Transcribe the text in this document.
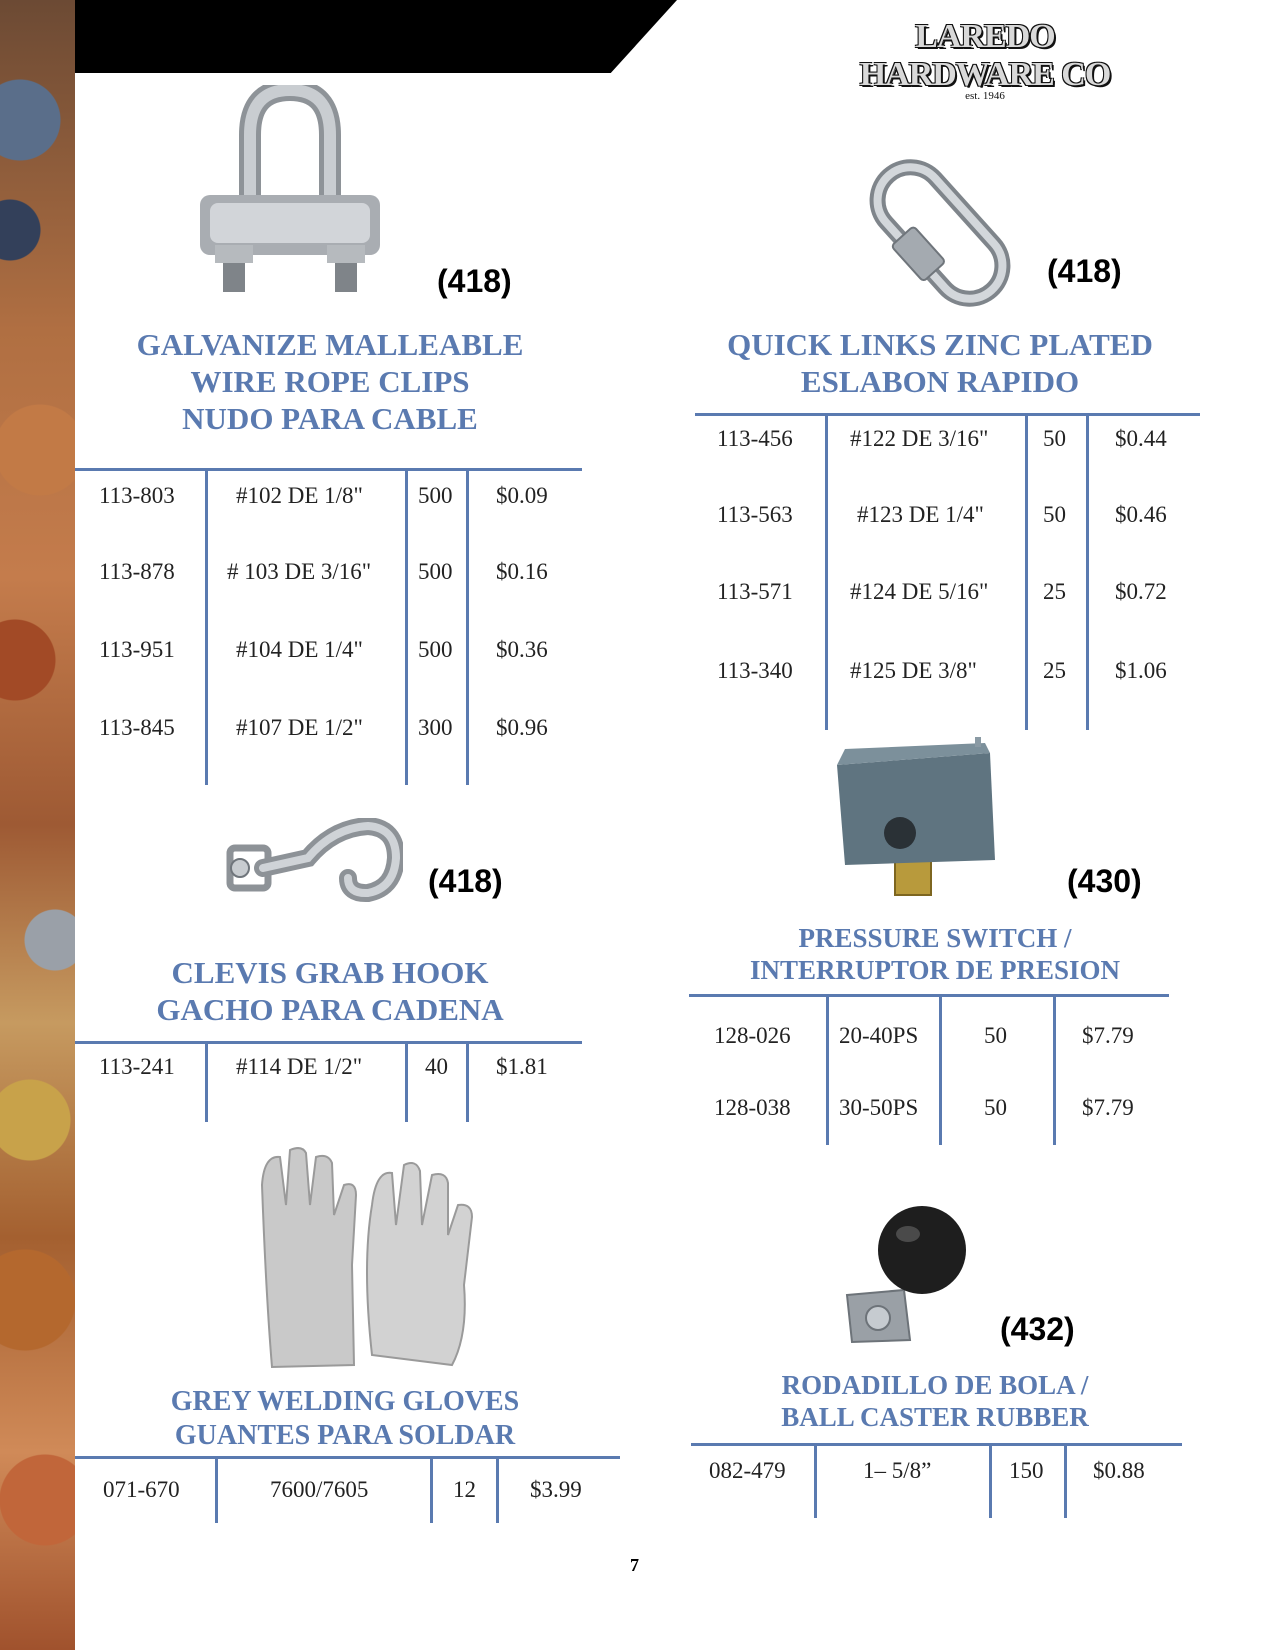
LAREDO HARDWARE CO
est. 1946
(418)
GALVANIZE MALLEABLE
WIRE ROPE CLIPS
NUDO PARA CABLE
113-803	#102 DE 1/8" 500 $0.09
113-878 # 103 DE 3/16" 500 $0.16
113-951	#104 DE 1/4" 500 $0.36
113-845	#107 DE 1/2" 300 $0.96
(418)
QUICK LINKS ZINC PLATED
ESLABON RAPIDO
113-456 #122 DE 3/16" 50 $0.44
113-563	#123 DE 1/4"	50 $0.46
113-571 #124 DE 5/16" 25 $0.72
113-340 #125 DE 3/8"	25 $1.06
(418)
CLEVIS GRAB HOOK
GACHO PARA CADENA
113-241	#114 DE 1/2"	40 $1.81
(430)
PRESSURE SWITCH /
INTERRUPTOR DE PRESION
128-026 20-40PS	50	$7.79
128-038 30-50PS	50	$7.79
GREY WELDING GLOVES
GUANTES PARA SOLDAR
071-670	7600/7605	12 $3.99
(432)
RODADILLO DE BOLA /
BALL CASTER RUBBER
082-479	1– 5/8”	150 $0.88
7
